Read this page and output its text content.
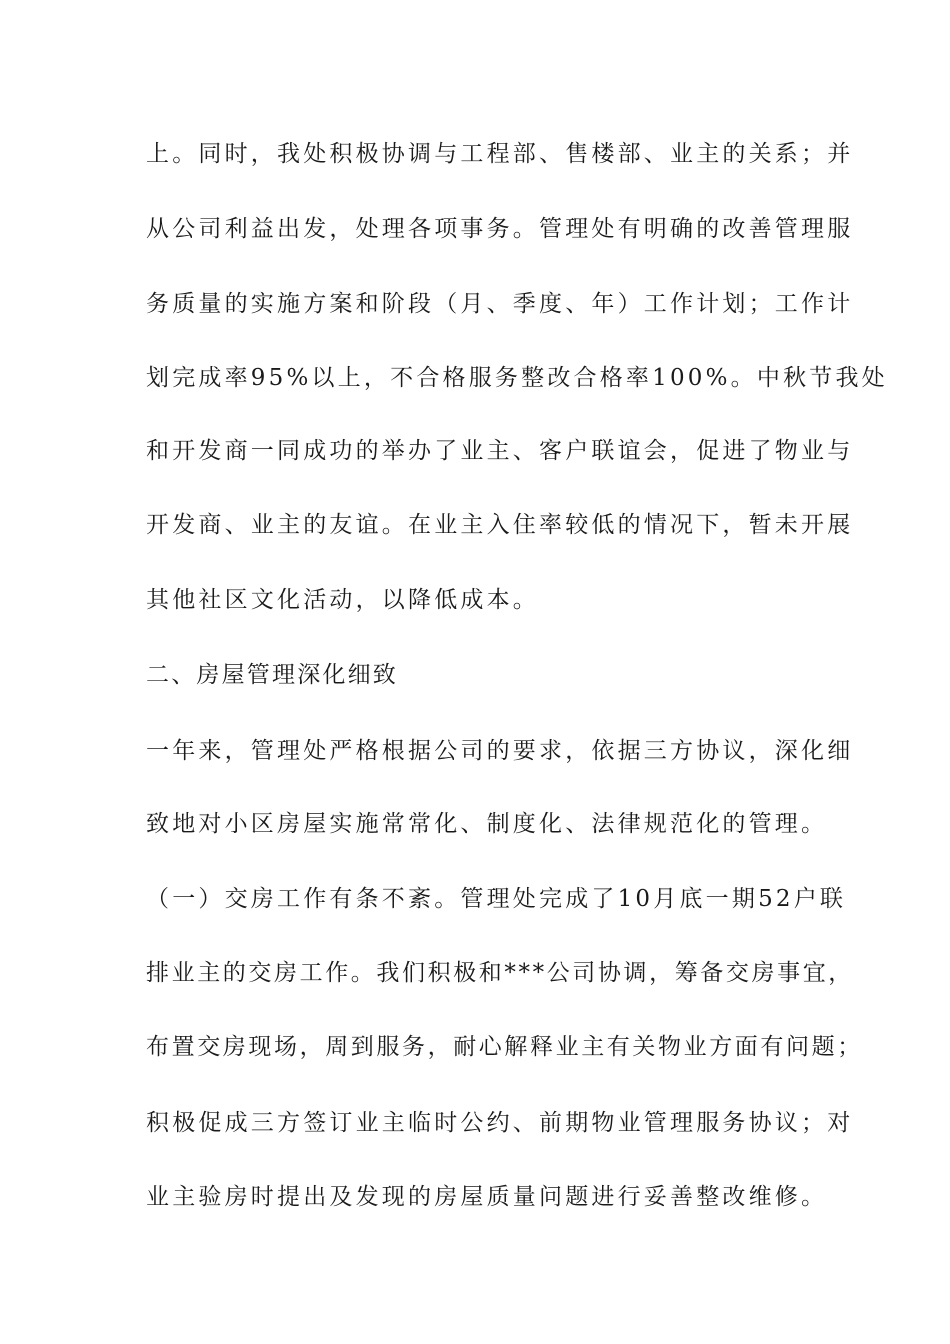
上。同时，我处积极协调与工程部、售楼部、业主的关系；并
从公司利益出发，处理各项事务。管理处有明确的改善管理服
务质量的实施方案和阶段（月、季度、年）工作计划；工作计
划完成率95%以上，不合格服务整改合格率100%。中秋节我处
和开发商一同成功的举办了业主、客户联谊会，促进了物业与
开发商、业主的友谊。在业主入住率较低的情况下，暂未开展
其他社区文化活动，以降低成本。
二、房屋管理深化细致
一年来，管理处严格根据公司的要求，依据三方协议，深化细
致地对小区房屋实施常常化、制度化、法律规范化的管理。
（一）交房工作有条不紊。管理处完成了10月底一期52户联
排业主的交房工作。我们积极和***公司协调，筹备交房事宜，
布置交房现场，周到服务，耐心解释业主有关物业方面有问题；
积极促成三方签订业主临时公约、前期物业管理服务协议；对
业主验房时提出及发现的房屋质量问题进行妥善整改维修。
